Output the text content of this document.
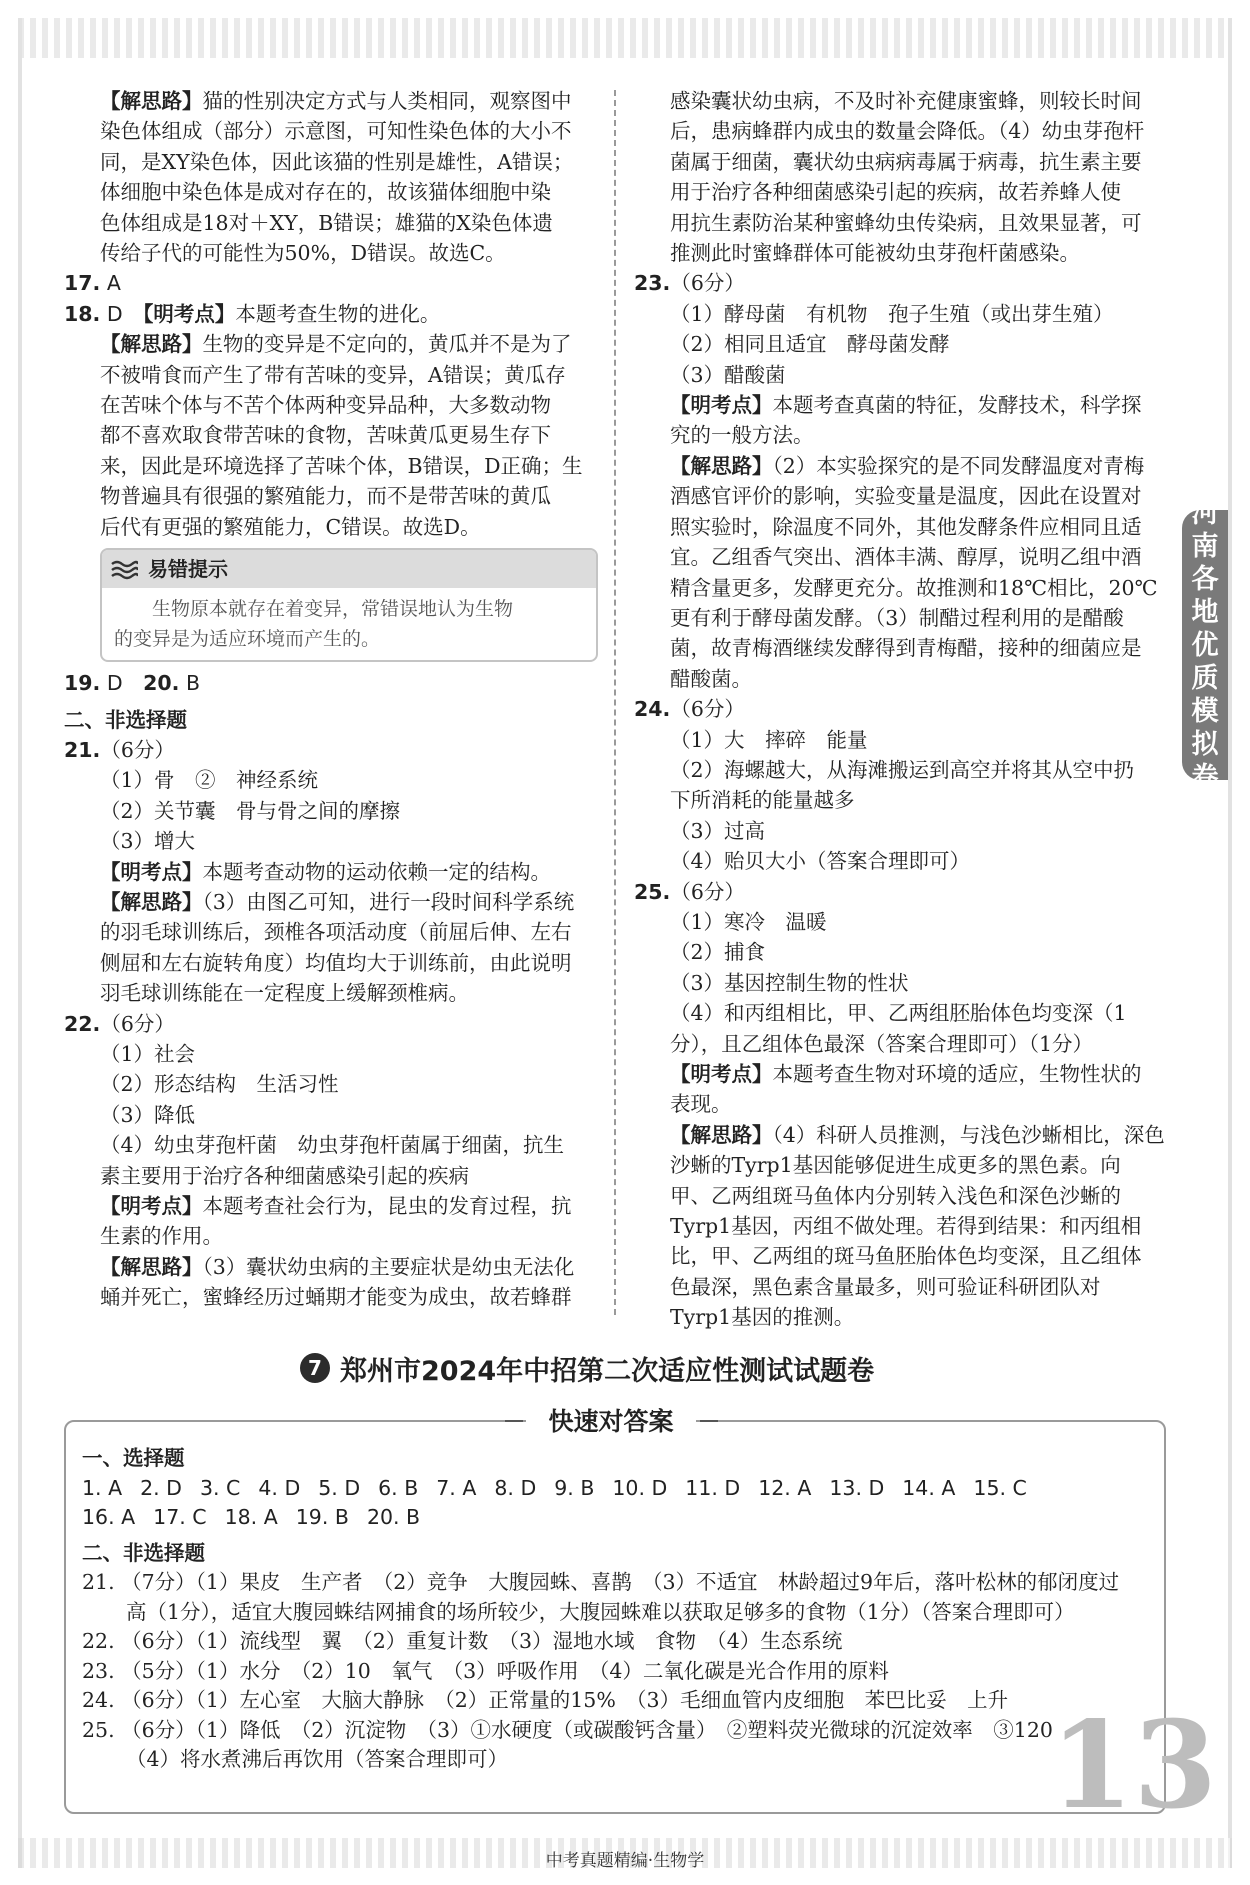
【解思路】猫的性别决定方式与人类相同，观察图中
染色体组成（部分）示意图，可知性染色体的大小不
同，是XY染色体，因此该猫的性别是雄性，A错误；
体细胞中染色体是成对存在的，故该猫体细胞中染
色体组成是18对＋XY，B错误；雄猫的X染色体遗
传给子代的可能性为50%，D错误。故选C。
17. A
18. D　 【明考点】本题考查生物的进化。
【解思路】生物的变异是不定向的，黄瓜并不是为了
不被啃食而产生了带有苦味的变异，A错误；黄瓜存
在苦味个体与不苦个体两种变异品种，大多数动物
都不喜欢取食带苦味的食物，苦味黄瓜更易生存下
来，因此是环境选择了苦味个体，B错误，D正确；生
物普遍具有很强的繁殖能力，而不是带苦味的黄瓜
后代有更强的繁殖能力，C错误。故选D。
易错提示
生物原本就存在着变异，常错误地认为生物
的变异是为适应环境而产生的。
19. D　 20. B
二、非选择题
21.（6分）
（1）骨　②　神经系统
（2）关节囊　骨与骨之间的摩擦
（3）增大
【明考点】本题考查动物的运动依赖一定的结构。
【解思路】（3）由图乙可知，进行一段时间科学系统
的羽毛球训练后，颈椎各项活动度（前屈后伸、左右
侧屈和左右旋转角度）均值均大于训练前，由此说明
羽毛球训练能在一定程度上缓解颈椎病。
22.（6分）
（1）社会
（2）形态结构　生活习性
（3）降低
（4）幼虫芽孢杆菌　幼虫芽孢杆菌属于细菌，抗生
素主要用于治疗各种细菌感染引起的疾病
【明考点】本题考查社会行为，昆虫的发育过程，抗
生素的作用。
【解思路】（3）囊状幼虫病的主要症状是幼虫无法化
蛹并死亡，蜜蜂经历过蛹期才能变为成虫，故若蜂群
感染囊状幼虫病，不及时补充健康蜜蜂，则较长时间
后，患病蜂群内成虫的数量会降低。（4）幼虫芽孢杆
菌属于细菌，囊状幼虫病病毒属于病毒，抗生素主要
用于治疗各种细菌感染引起的疾病，故若养蜂人使
用抗生素防治某种蜜蜂幼虫传染病，且效果显著，可
推测此时蜜蜂群体可能被幼虫芽孢杆菌感染。
23.（6分）
（1）酵母菌　有机物　孢子生殖（或出芽生殖）
（2）相同且适宜　酵母菌发酵
（3）醋酸菌
【明考点】本题考查真菌的特征，发酵技术，科学探
究的一般方法。
【解思路】（2）本实验探究的是不同发酵温度对青梅
酒感官评价的影响，实验变量是温度，因此在设置对
照实验时，除温度不同外，其他发酵条件应相同且适
宜。乙组香气突出、酒体丰满、醇厚，说明乙组中酒
精含量更多，发酵更充分。故推测和18℃相比，20℃
更有利于酵母菌发酵。（3）制醋过程利用的是醋酸
菌，故青梅酒继续发酵得到青梅醋，接种的细菌应是
醋酸菌。
24.（6分）
（1）大　摔碎　能量
（2）海螺越大，从海滩搬运到高空并将其从空中扔
下所消耗的能量越多
（3）过高
（4）贻贝大小（答案合理即可）
25.（6分）
（1）寒冷　温暖
（2）捕食
（3）基因控制生物的性状
（4）和丙组相比，甲、乙两组胚胎体色均变深（1
分），且乙组体色最深（答案合理即可）（1分）
【明考点】本题考查生物对环境的适应，生物性状的
表现。
【解思路】（4）科研人员推测，与浅色沙蜥相比，深色
沙蜥的Tyrp1基因能够促进生成更多的黑色素。向
甲、乙两组斑马鱼体内分别转入浅色和深色沙蜥的
Tyrp1基因，丙组不做处理。若得到结果：和丙组相
比，甲、乙两组的斑马鱼胚胎体色均变深，且乙组体
色最深，黑色素含量最多，则可验证科研团队对
Tyrp1基因的推测。
河
南
各
地
优
质
模
拟
卷
7 郑州市2024年中招第二次适应性测试试题卷
快速对答案
一、选择题
1. A 2. D 3. C 4. D 5. D 6. B 7. A 8. D 9. B 10. D 11. D 12. A 13. D 14. A 15. C
16. A 17. C 18. A 19. B 20. B
二、非选择题
21. （7分）（1）果皮　生产者　（2）竞争　大腹园蛛、喜鹊　（3）不适宜　林龄超过9年后，落叶松林的郁闭度过
高（1分），适宜大腹园蛛结网捕食的场所较少，大腹园蛛难以获取足够多的食物（1分）（答案合理即可）
22. （6分）（1）流线型　翼　（2）重复计数　（3）湿地水域　食物　（4）生态系统
23. （5分）（1）水分　（2）10　氧气　（3）呼吸作用　（4）二氧化碳是光合作用的原料
24. （6分）（1）左心室　大脑大静脉　（2）正常量的15%　（3）毛细血管内皮细胞　苯巴比妥　上升
25. （6分）（1）降低　（2）沉淀物　（3）①水硬度（或碳酸钙含量）　②塑料荧光微球的沉淀效率　③120
（4）将水煮沸后再饮用（答案合理即可）	13
中考真题精编·生物学
